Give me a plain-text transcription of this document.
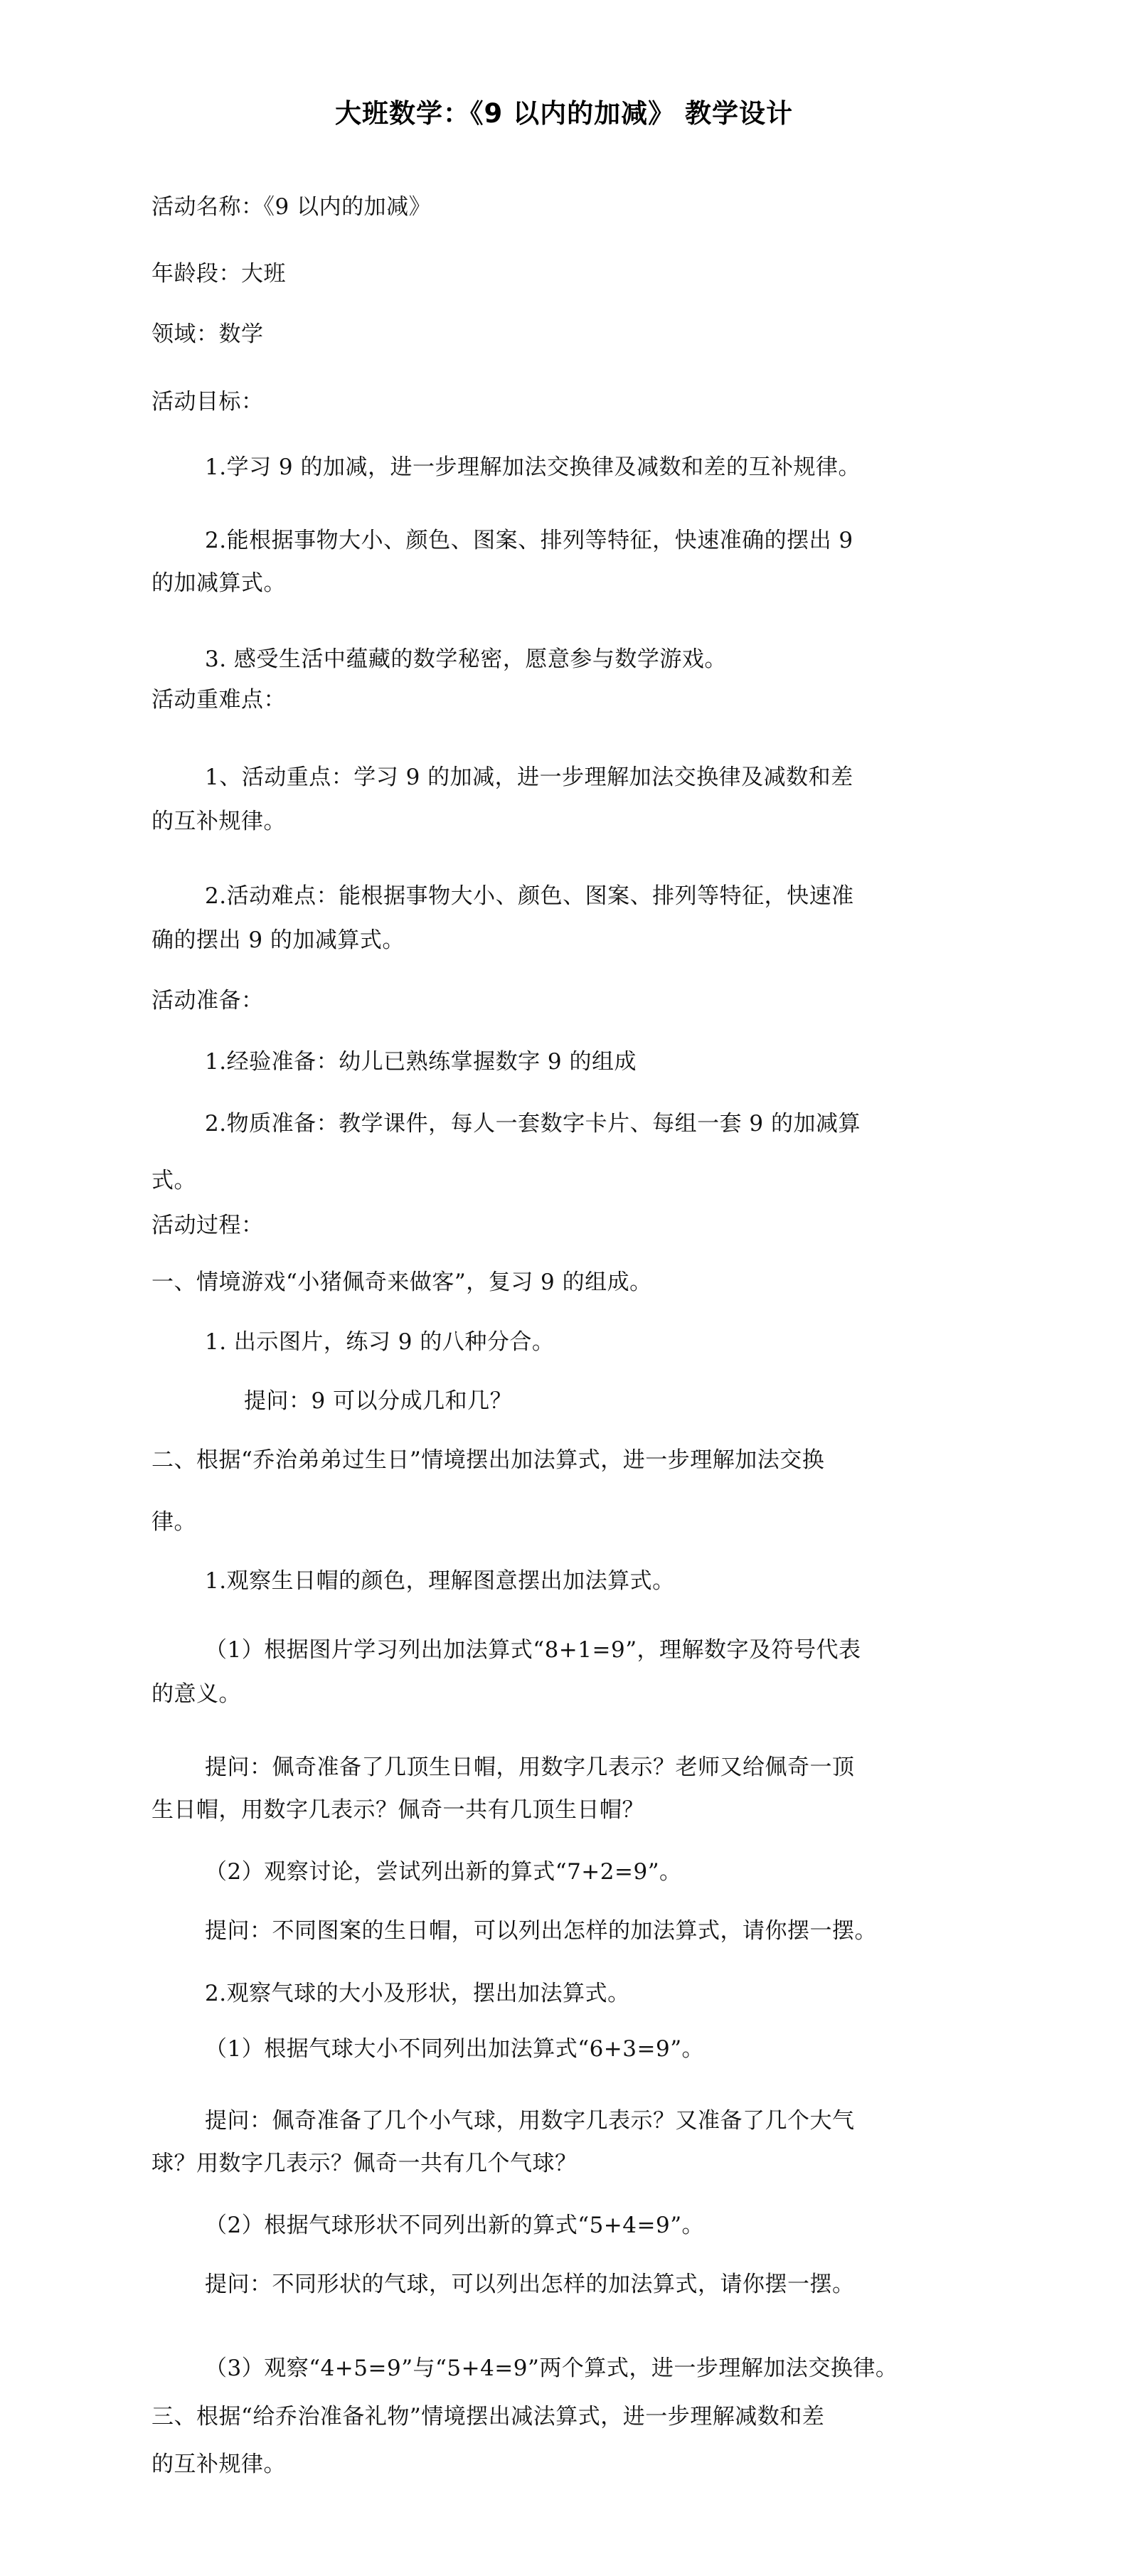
大班数学：《9 以内的加减》 教学设计
活动名称：《9 以内的加减》
年龄段：大班
领域：数学
活动目标：
1.学习 9 的加减，进一步理解加法交换律及减数和差的互补规律。
2.能根据事物大小、颜色、图案、排列等特征，快速准确的摆出 9
的加减算式。
3. 感受生活中蕴藏的数学秘密，愿意参与数学游戏。
活动重难点：
1、活动重点：学习 9 的加减，进一步理解加法交换律及减数和差
的互补规律。
2.活动难点：能根据事物大小、颜色、图案、排列等特征，快速准
确的摆出 9 的加减算式。
活动准备：
1.经验准备：幼儿已熟练掌握数字 9 的组成
2.物质准备：教学课件，每人一套数字卡片、每组一套 9 的加减算
式。
活动过程：
一、情境游戏“小猪佩奇来做客”，复习 9 的组成。
1. 出示图片，练习 9 的八种分合。
提问：9 可以分成几和几？
二、根据“乔治弟弟过生日”情境摆出加法算式，进一步理解加法交换
律。
1.观察生日帽的颜色，理解图意摆出加法算式。
（1）根据图片学习列出加法算式“8+1=9”，理解数字及符号代表
的意义。
提问：佩奇准备了几顶生日帽，用数字几表示？老师又给佩奇一顶
生日帽，用数字几表示？佩奇一共有几顶生日帽？
（2）观察讨论，尝试列出新的算式“7+2=9”。
提问：不同图案的生日帽，可以列出怎样的加法算式，请你摆一摆。
2.观察气球的大小及形状，摆出加法算式。
（1）根据气球大小不同列出加法算式“6+3=9”。
提问：佩奇准备了几个小气球，用数字几表示？又准备了几个大气
球？用数字几表示？佩奇一共有几个气球？
（2）根据气球形状不同列出新的算式“5+4=9”。
提问：不同形状的气球，可以列出怎样的加法算式，请你摆一摆。
（3）观察“4+5=9”与“5+4=9”两个算式，进一步理解加法交换律。
三、根据“给乔治准备礼物”情境摆出减法算式，进一步理解减数和差
的互补规律。
